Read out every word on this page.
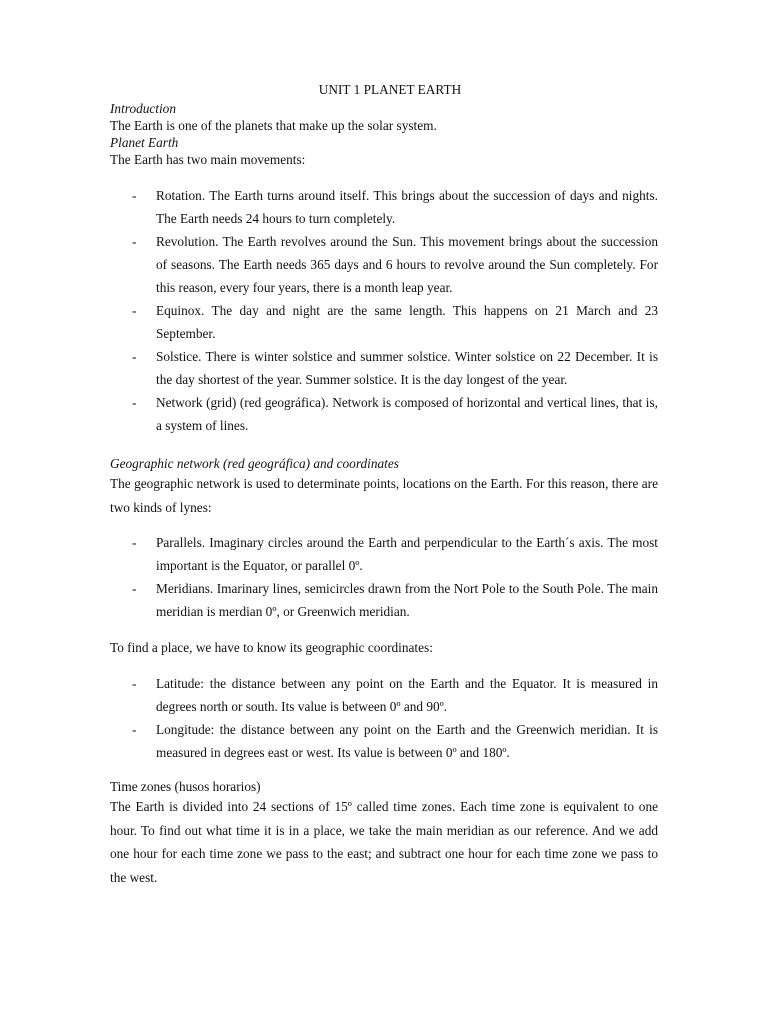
UNIT 1 PLANET EARTH
Introduction
The Earth is one of the planets that make up the solar system.
Planet Earth
The Earth has two main movements:
- Rotation. The Earth turns around itself. This brings about the succession of days and nights. The Earth needs 24 hours to turn completely.
- Revolution. The Earth revolves around the Sun. This movement brings about the succession of seasons. The Earth needs 365 days and 6 hours to revolve around the Sun completely. For this reason, every four years, there is a month leap year.
- Equinox. The day and night are the same length. This happens on 21 March and 23 September.
- Solstice. There is winter solstice and summer solstice. Winter solstice on 22 December. It is the day shortest of the year. Summer solstice. It is the day longest of the year.
- Network (grid) (red geográfica). Network is composed of horizontal and vertical lines, that is, a system of lines.
Geographic network (red geográfica) and coordinates
The geographic network is used to determinate points, locations on the Earth. For this reason, there are two kinds of lynes:
- Parallels. Imaginary circles around the Earth and perpendicular to the Earth´s axis. The most important is the Equator, or parallel 0º.
- Meridians. Imarinary lines, semicircles drawn from the Nort Pole to the South Pole. The main meridian is merdian 0º, or Greenwich meridian.
To find a place, we have to know its geographic coordinates:
- Latitude: the distance between any point on the Earth and the Equator. It is measured in degrees north or south. Its value is between 0º and 90º.
- Longitude: the distance between any point on the Earth and the Greenwich meridian. It is measured in degrees east or west. Its value is between 0º and 180º.
Time zones (husos horarios)
The Earth is divided into 24 sections of 15º called time zones. Each time zone is equivalent to one hour. To find out what time it is in a place, we take the main meridian as our reference. And we add one hour for each time zone we pass to the east; and subtract one hour for each time zone we pass to the west.
